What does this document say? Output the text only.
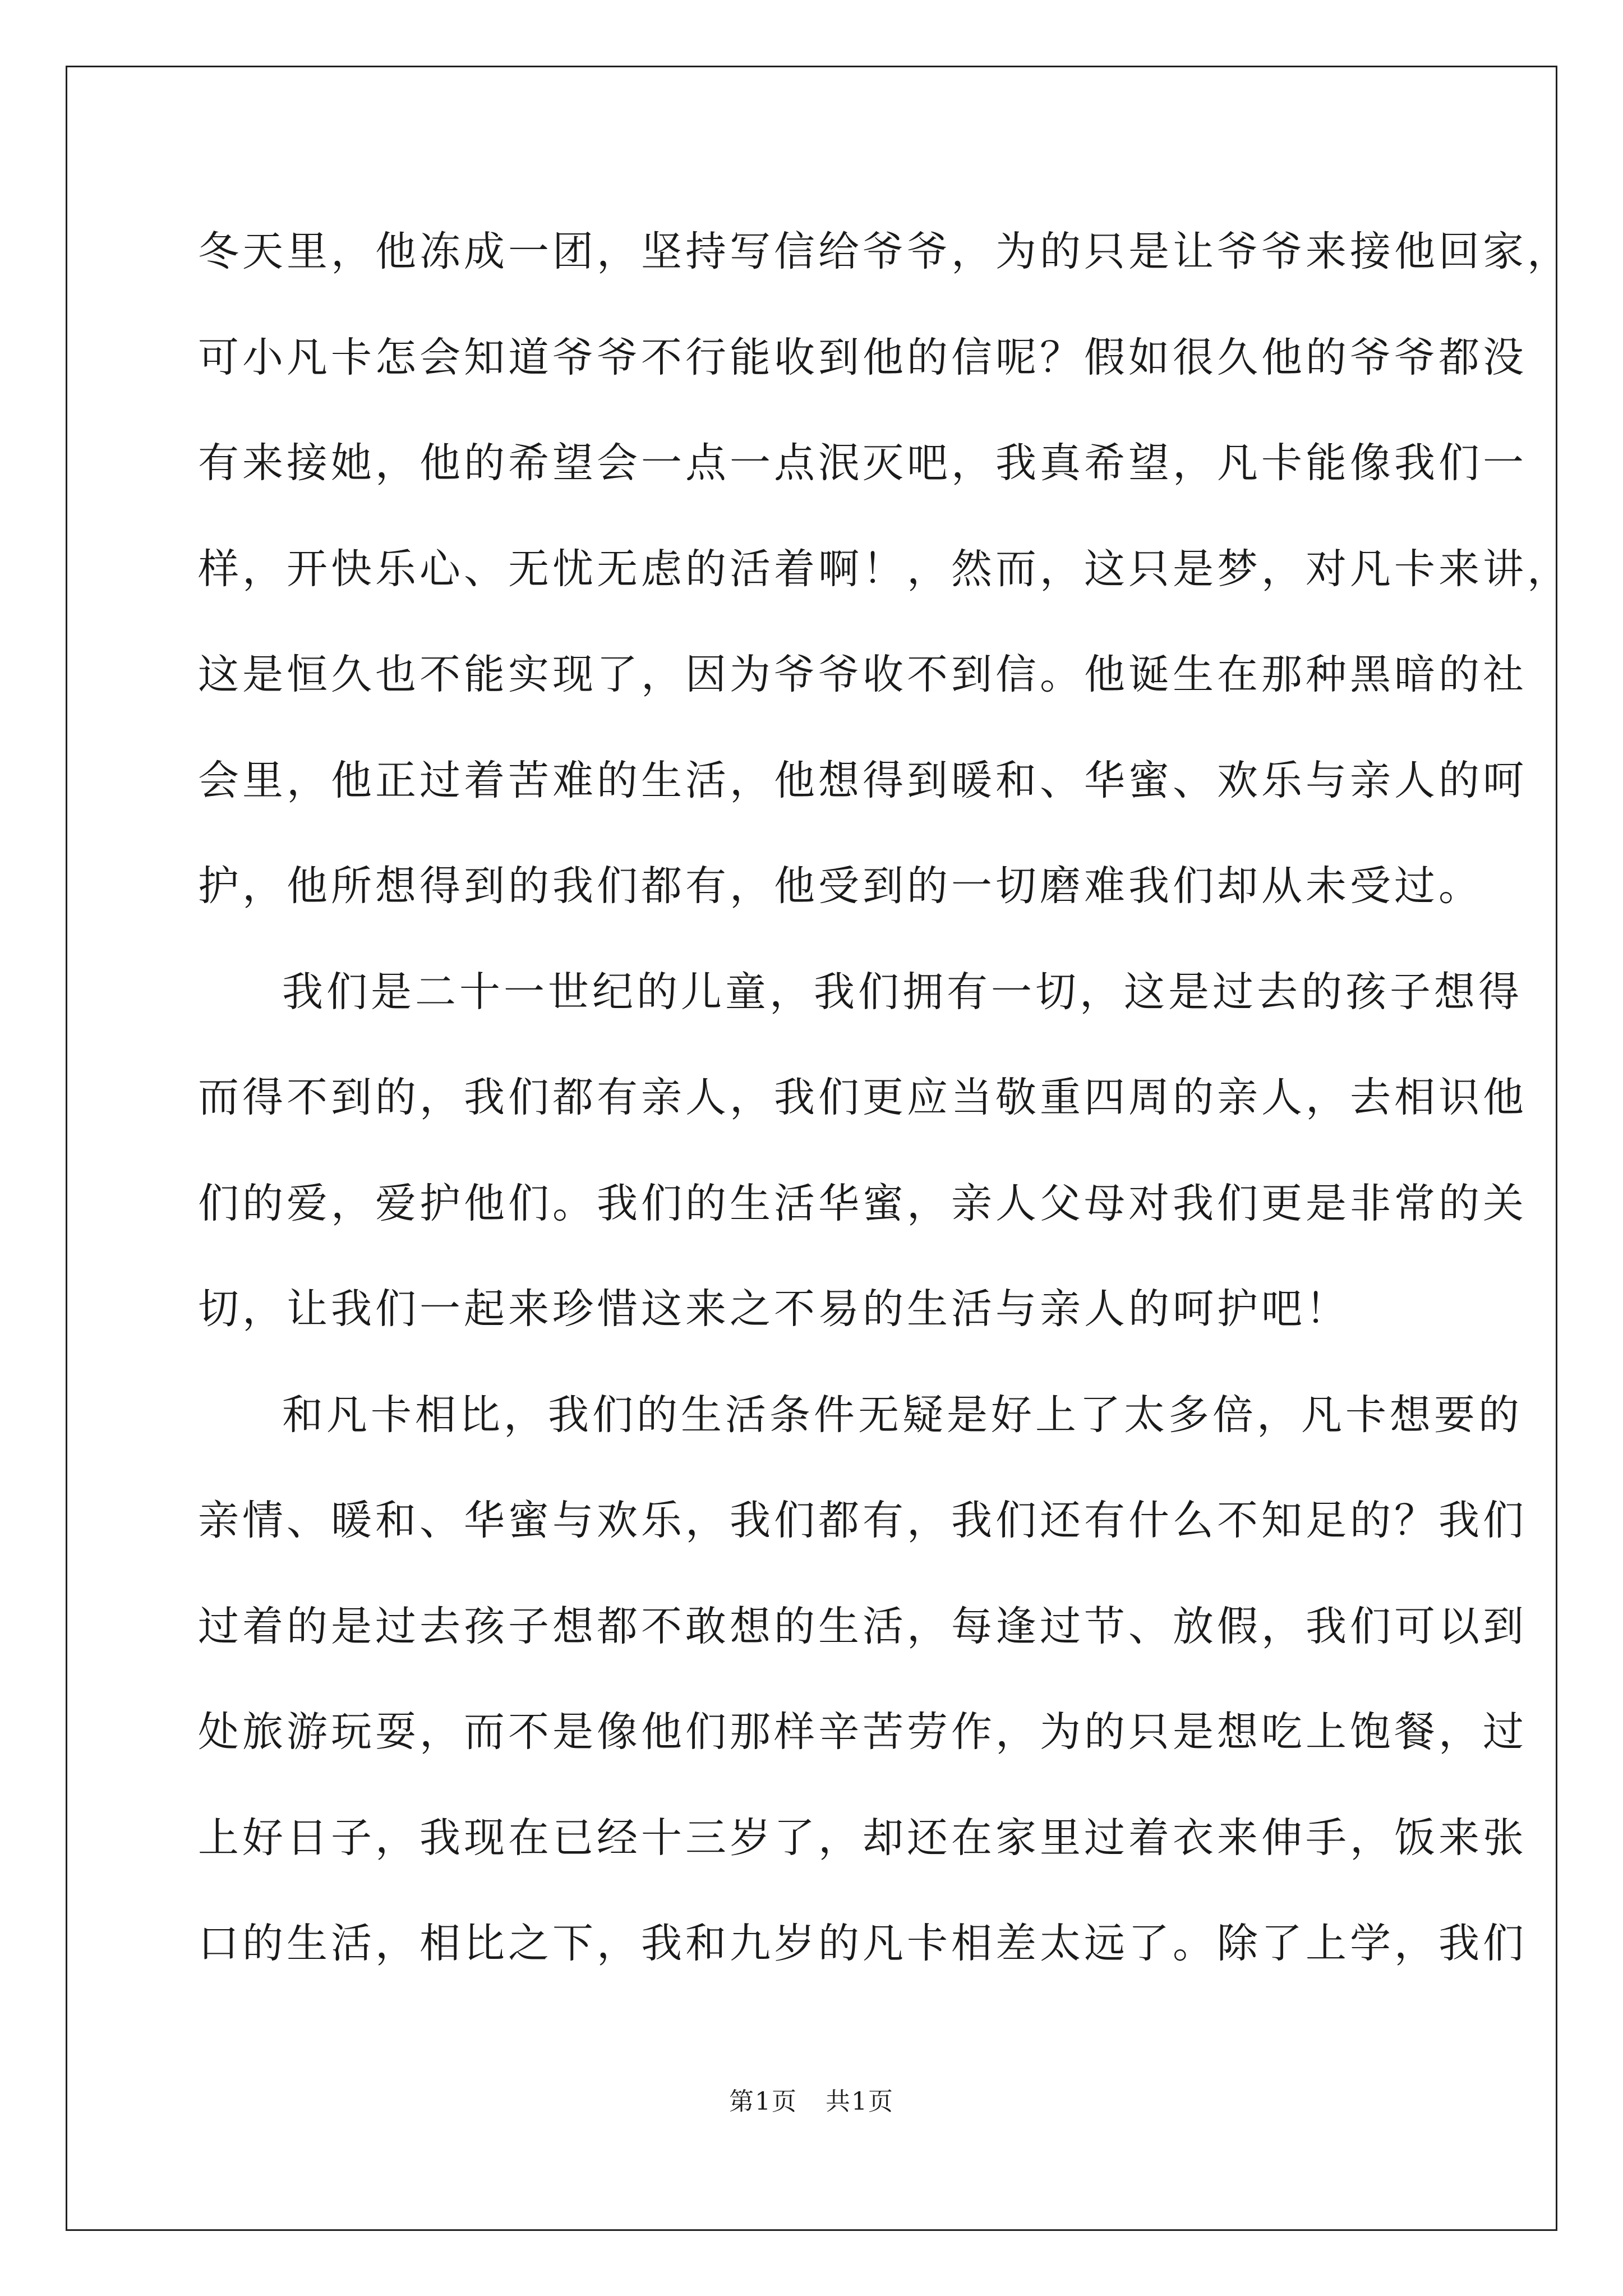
冬天里，他冻成一团，坚持写信给爷爷，为的只是让爷爷来接他回家，
可小凡卡怎会知道爷爷不行能收到他的信呢？假如很久他的爷爷都没
有来接她，他的希望会一点一点泯灭吧，我真希望，凡卡能像我们一
样，开快乐心、无忧无虑的活着啊！，然而，这只是梦，对凡卡来讲，
这是恒久也不能实现了，因为爷爷收不到信。他诞生在那种黑暗的社
会里，他正过着苦难的生活，他想得到暖和、华蜜、欢乐与亲人的呵
护，他所想得到的我们都有，他受到的一切磨难我们却从未受过。

我们是二十一世纪的儿童，我们拥有一切，这是过去的孩子想得
而得不到的，我们都有亲人，我们更应当敬重四周的亲人，去相识他
们的爱，爱护他们。我们的生活华蜜，亲人父母对我们更是非常的关
切，让我们一起来珍惜这来之不易的生活与亲人的呵护吧！

和凡卡相比，我们的生活条件无疑是好上了太多倍，凡卡想要的
亲情、暖和、华蜜与欢乐，我们都有，我们还有什么不知足的？我们
过着的是过去孩子想都不敢想的生活，每逢过节、放假，我们可以到
处旅游玩耍，而不是像他们那样辛苦劳作，为的只是想吃上饱餐，过
上好日子，我现在已经十三岁了，却还在家里过着衣来伸手，饭来张
口的生活，相比之下，我和九岁的凡卡相差太远了。除了上学，我们

第1页 共1页
